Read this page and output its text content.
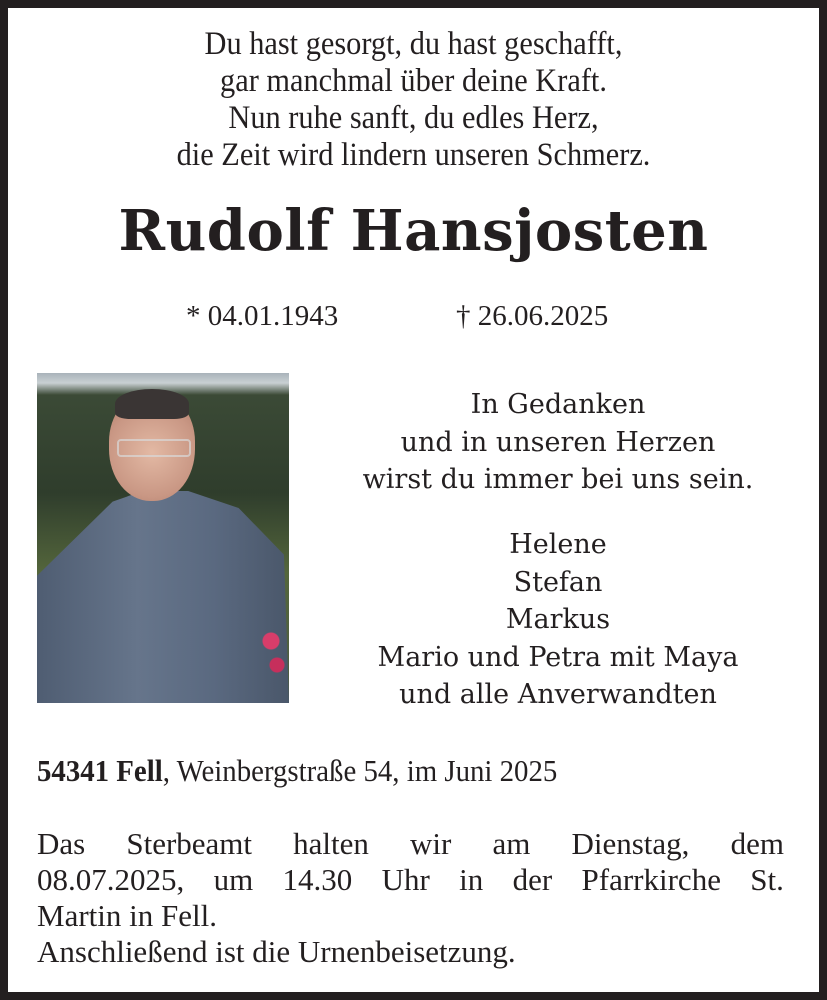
Du hast gesorgt, du hast geschafft,
gar manchmal über deine Kraft.
Nun ruhe sanft, du edles Herz,
die Zeit wird lindern unseren Schmerz.
Rudolf Hansjosten
* 04.01.1943	† 26.06.2025
In Gedanken
und in unseren Herzen
wirst du immer bei uns sein.
Helene
Stefan
Markus
Mario und Petra mit Maya
und alle Anverwandten
54341 Fell, Weinbergstraße 54, im Juni 2025
Das Sterbeamt halten wir am Dienstag, dem
08.07.2025, um 14.30 Uhr in der Pfarrkirche St.
Martin in Fell.
Anschließend ist die Urnenbeisetzung.
